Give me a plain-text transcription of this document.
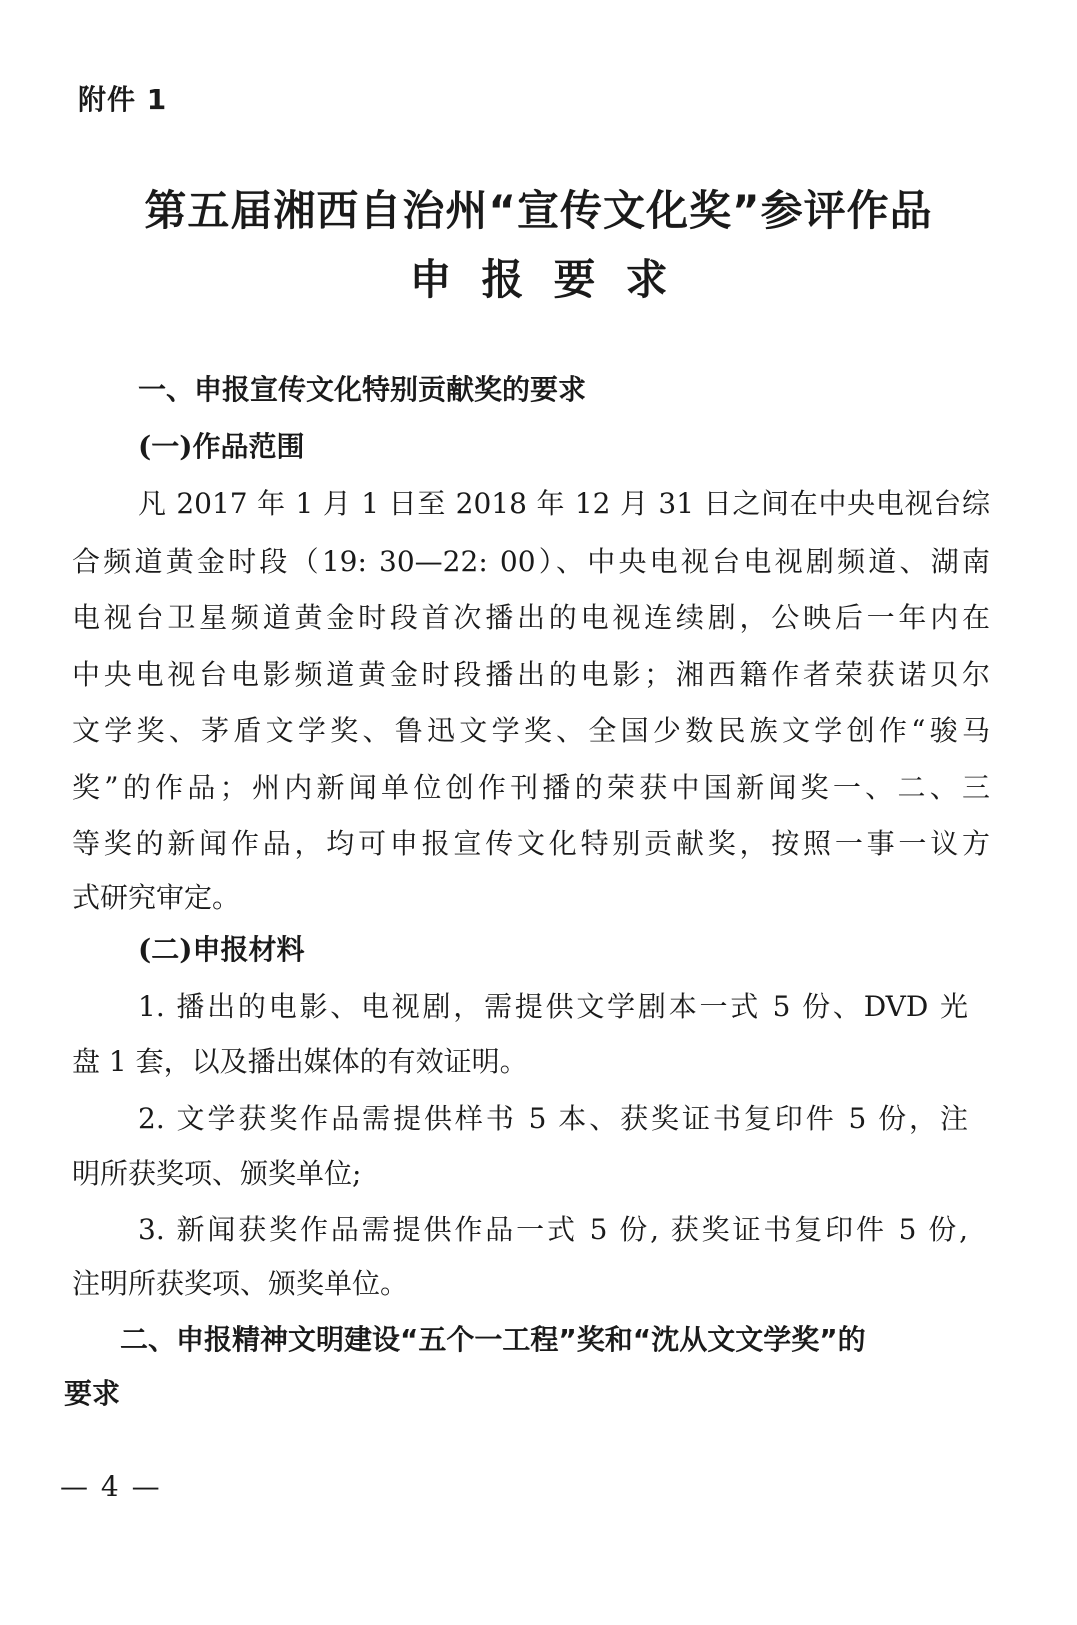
附件 1
第五届湘西自治州“宣传文化奖”参评作品
申报要求
一、申报宣传文化特别贡献奖的要求
(一)作品范围
凡 2017 年 1 月 1 日至 2018 年 12 月 31 日之间在中央电视台综
合频道黄金时段（19: 30—22: 00）、中央电视台电视剧频道、湖南
电视台卫星频道黄金时段首次播出的电视连续剧，公映后一年内在
中央电视台电影频道黄金时段播出的电影；湘西籍作者荣获诺贝尔
文学奖、茅盾文学奖、鲁迅文学奖、全国少数民族文学创作“骏马
奖”的作品；州内新闻单位创作刊播的荣获中国新闻奖一、二、三
等奖的新闻作品，均可申报宣传文化特别贡献奖，按照一事一议方
式研究审定。
(二)申报材料
1. 播出的电影、电视剧，需提供文学剧本一式 5 份、DVD 光
盘 1 套，以及播出媒体的有效证明。
2. 文学获奖作品需提供样书 5 本、获奖证书复印件 5 份，注
明所获奖项、颁奖单位;
3. 新闻获奖作品需提供作品一式 5 份, 获奖证书复印件 5 份,
注明所获奖项、颁奖单位。
二、申报精神文明建设“五个一工程”奖和“沈从文文学奖”的
要求
— 4 —
